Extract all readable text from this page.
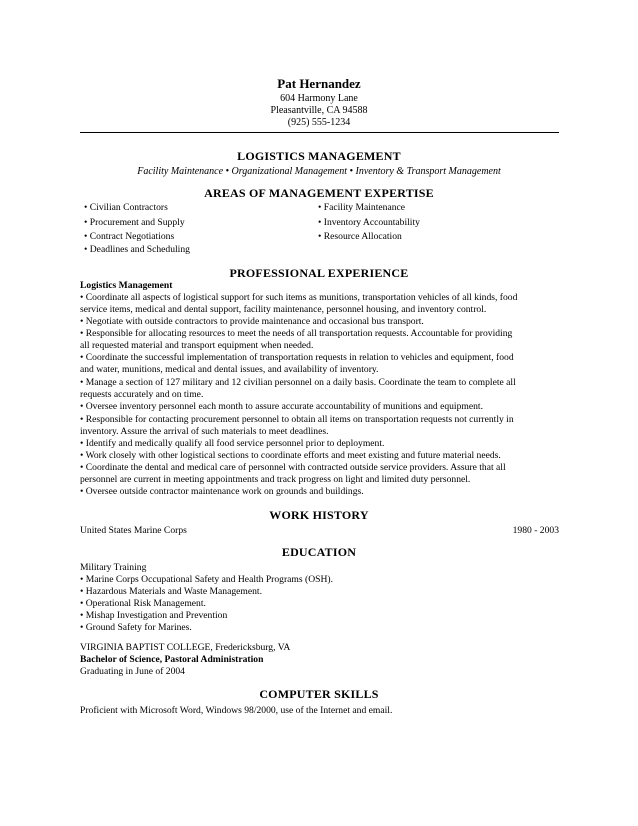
Pat Hernandez
604 Harmony Lane
Pleasantville, CA 94588
(925) 555-1234
LOGISTICS MANAGEMENT
Facility Maintenance • Organizational Management • Inventory & Transport Management
AREAS OF MANAGEMENT EXPERTISE
• Civilian Contractors
• Procurement and Supply
• Contract Negotiations
• Deadlines and Scheduling
• Facility Maintenance
• Inventory Accountability
• Resource Allocation
PROFESSIONAL EXPERIENCE
Logistics Management
• Coordinate all aspects of logistical support for such items as munitions, transportation vehicles of all kinds, food
service items, medical and dental support, facility maintenance, personnel housing, and inventory control.
• Negotiate with outside contractors to provide maintenance and occasional bus transport.
• Responsible for allocating resources to meet the needs of all transportation requests. Accountable for providing
all requested material and transport equipment when needed.
• Coordinate the successful implementation of transportation requests in relation to vehicles and equipment, food
and water, munitions, medical and dental issues, and availability of inventory.
• Manage a section of 127 military and 12 civilian personnel on a daily basis. Coordinate the team to complete all
requests accurately and on time.
• Oversee inventory personnel each month to assure accurate accountability of munitions and equipment.
• Responsible for contacting procurement personnel to obtain all items on transportation requests not currently in
inventory. Assure the arrival of such materials to meet deadlines.
• Identify and medically qualify all food service personnel prior to deployment.
• Work closely with other logistical sections to coordinate efforts and meet existing and future material needs.
• Coordinate the dental and medical care of personnel with contracted outside service providers. Assure that all
personnel are current in meeting appointments and track progress on light and limited duty personnel.
• Oversee outside contractor maintenance work on grounds and buildings.
WORK HISTORY
United States Marine Corps	1980 - 2003
EDUCATION
Military Training
• Marine Corps Occupational Safety and Health Programs (OSH).
• Hazardous Materials and Waste Management.
• Operational Risk Management.
• Mishap Investigation and Prevention
• Ground Safety for Marines.
VIRGINIA BAPTIST COLLEGE, Fredericksburg, VA
Bachelor of Science, Pastoral Administration
Graduating in June of 2004
COMPUTER SKILLS
Proficient with Microsoft Word, Windows 98/2000, use of the Internet and email.
